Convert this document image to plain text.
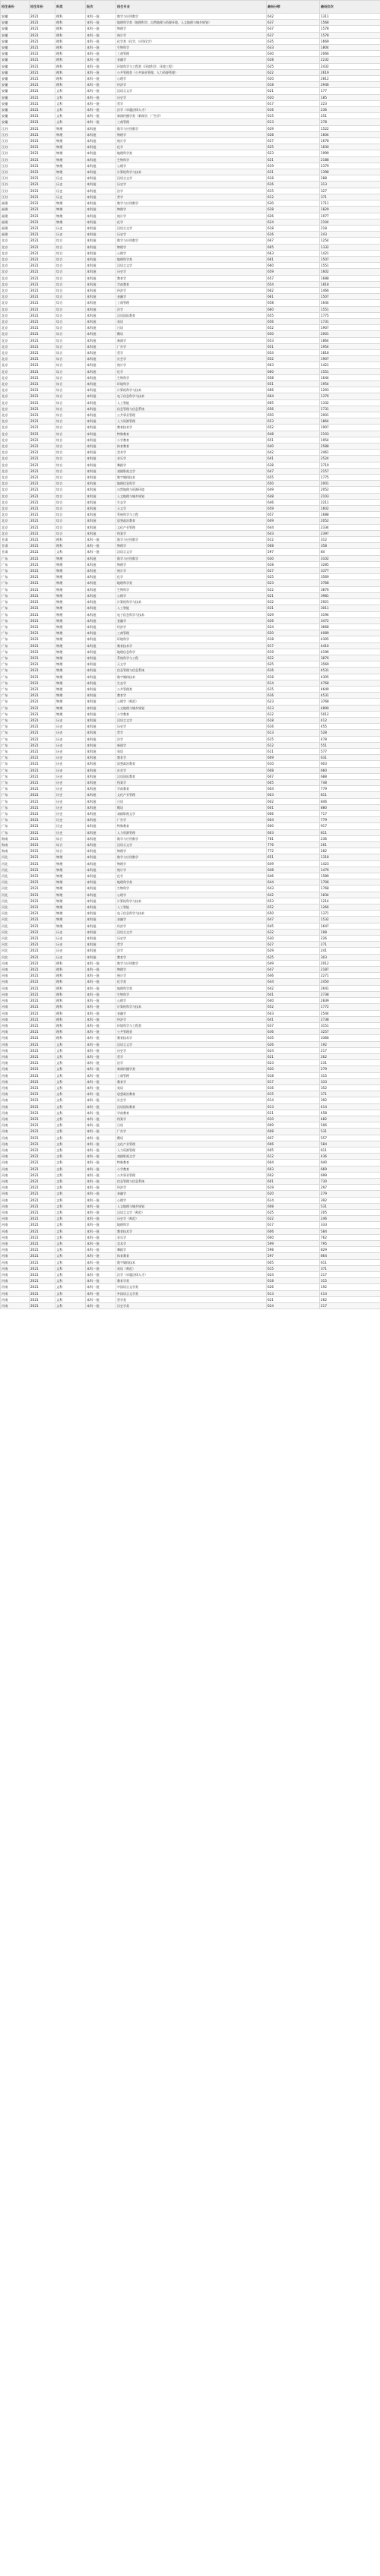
招生省份	招生年份	科类	批次	招生专业	最低分数	最低位次
安徽	2021	理科	本科一批	数学与应用数学	642	1311
安徽	2021	理科	本科一批	地理科学类（地理科学、自然地理与资源环境、人文地理与城乡规划）	637	1568
安徽	2021	理科	本科一批	物理学	637	1578
安徽	2021	理科	本科一批	统计学	637	1578
安徽	2021	理科	本科一批	化学类（化学、应用化学）	635	1669
安徽	2021	理科	本科一批	生物科学	633	1804
安徽	2021	理科	本科一批	工商管理	630	2066
安徽	2021	理科	本科一批	金融学	628	2232
安徽	2021	理科	本科一批	环境科学与工程类（环境科学、环境工程）	625	2432
安徽	2021	理科	本科一批	公共管理类（公共事业管理、人力资源管理）	622	2619
安徽	2021	理科	本科一批	心理学	620	2812
安徽	2021	理科	本科一批	经济学	618	2946
安徽	2021	文科	本科一批	汉语言文学	621	177
安徽	2021	文科	本科一批	历史学	620	185
安徽	2021	文科	本科一批	哲学	617	223
安徽	2021	文科	本科一批	法学（卓越法律人才）	616	236
安徽	2021	文科	本科一批	新闻传播学类（新闻学、广告学）	615	251
安徽	2021	文科	本科一批	工商管理	613	278
江苏	2021	物理	本科批	数学与应用数学	629	1522
江苏	2021	物理	本科批	物理学	628	1604
江苏	2021	物理	本科批	统计学	627	1678
江苏	2021	物理	本科批	化学	625	1830
江苏	2021	物理	本科批	地理科学类	623	1999
江苏	2021	物理	本科批	生物科学	621	2188
江苏	2021	物理	本科批	心理学	619	2379
江苏	2021	物理	本科批	计算机科学与技术	631	1398
江苏	2021	历史	本科批	汉语言文学	618	288
江苏	2021	历史	本科批	历史学	616	313
江苏	2021	历史	本科批	法学	615	327
江苏	2021	历史	本科批	哲学	612	371
福建	2021	物理	本科批	数学与应用数学	630	1711
福建	2021	物理	本科批	物理学	628	1829
福建	2021	物理	本科批	统计学	626	1977
福建	2021	物理	本科批	化学	624	2104
福建	2021	历史	本科批	汉语言文学	618	218
福建	2021	历史	本科批	历史学	616	243
北京	2021	综合	本科批	数学与应用数学	667	1254
北京	2021	综合	本科批	物理学	665	1332
北京	2021	综合	本科批	心理学	663	1421
北京	2021	综合	本科批	地理科学类	661	1507
北京	2021	综合	本科批	汉语言文学	660	1551
北京	2021	综合	本科批	历史学	659	1602
北京	2021	综合	本科批	教育学	657	1688
北京	2021	综合	本科批	学前教育	654	1818
北京	2021	综合	本科批	经济学	662	1466
北京	2021	综合	本科批	金融学	661	1507
北京	2021	综合	本科批	工商管理	658	1644
北京	2021	综合	本科批	法学	660	1551
北京	2021	综合	本科批	汉语国际教育	655	1775
北京	2021	综合	本科批	英语	656	1731
北京	2021	综合	本科批	日语	652	1907
北京	2021	综合	本科批	俄语	650	2001
北京	2021	综合	本科批	新闻学	653	1864
北京	2021	综合	本科批	广告学	651	1954
北京	2021	综合	本科批	哲学	654	1818
北京	2021	综合	本科批	社会学	652	1907
北京	2021	综合	本科批	统计学	663	1421
北京	2021	综合	本科批	化学	660	1551
北京	2021	综合	本科批	生物科学	658	1644
北京	2021	综合	本科批	环境科学	651	1954
北京	2021	综合	本科批	计算机科学与技术	666	1293
北京	2021	综合	本科批	电子信息科学与技术	664	1376
北京	2021	综合	本科批	人工智能	665	1332
北京	2021	综合	本科批	信息管理与信息系统	656	1731
北京	2021	综合	本科批	公共事业管理	650	2001
北京	2021	综合	本科批	人力资源管理	653	1864
北京	2021	综合	本科批	教育技术学	652	1907
北京	2021	综合	本科批	特殊教育	648	2103
北京	2021	综合	本科批	小学教育	651	1954
北京	2021	综合	本科批	体育教育	640	2588
北京	2021	综合	本科批	美术学	642	2461
北京	2021	综合	本科批	音乐学	641	2524
北京	2021	综合	本科批	舞蹈学	638	2719
北京	2021	综合	本科批	戏剧影视文学	647	2157
北京	2021	综合	本科批	数字媒体技术	655	1775
北京	2021	综合	本科批	地理信息科学	650	2001
北京	2021	综合	本科批	自然地理与资源环境	649	2052
北京	2021	综合	本科批	人文地理与城乡规划	648	2103
北京	2021	综合	本科批	生态学	646	2211
北京	2021	综合	本科批	天文学	659	1602
北京	2021	综合	本科批	系统科学与工程	657	1688
北京	2021	综合	本科批	思想政治教育	649	2052
北京	2021	综合	本科批	文化产业管理	644	2334
北京	2021	综合	本科批	档案学	643	2397
甘肃	2021	理科	本科一批	数学与应用数学	612	312
甘肃	2021	理科	本科一批	物理学	608	358
甘肃	2021	文科	本科一批	汉语言文学	597	84
广东	2021	物理	本科批	数学与应用数学	630	3102
广东	2021	物理	本科批	物理学	628	3285
广东	2021	物理	本科批	统计学	627	3377
广东	2021	物理	本科批	化学	625	3569
广东	2021	物理	本科批	地理科学类	623	3768
广东	2021	物理	本科批	生物科学	622	3876
广东	2021	物理	本科批	心理学	621	3981
广东	2021	物理	本科批	计算机科学与技术	632	2921
广东	2021	物理	本科批	人工智能	631	3011
广东	2021	物理	本科批	电子信息科学与技术	629	3194
广东	2021	物理	本科批	金融学	626	3472
广东	2021	物理	本科批	经济学	624	3668
广东	2021	物理	本科批	工商管理	620	4089
广东	2021	物理	本科批	环境科学	618	4305
广东	2021	物理	本科批	教育技术学	617	4416
广东	2021	物理	本科批	地理信息科学	619	4196
广东	2021	物理	本科批	系统科学与工程	622	3876
广东	2021	物理	本科批	天文学	625	3569
广东	2021	物理	本科批	信息管理与信息系统	616	4531
广东	2021	物理	本科批	数字媒体技术	618	4305
广东	2021	物理	本科批	生态学	614	4768
广东	2021	物理	本科批	公共管理类	615	4649
广东	2021	物理	本科批	教育学	616	4531
广东	2021	物理	本科批	心理学（师范）	623	3768
广东	2021	物理	本科批	人文地理与城乡规划	613	4890
广东	2021	物理	本科批	小学教育	612	5012
广东	2021	历史	本科批	汉语言文学	618	412
广东	2021	历史	本科批	历史学	616	455
广东	2021	历史	本科批	哲学	613	528
广东	2021	历史	本科批	法学	615	478
广东	2021	历史	本科批	新闻学	612	551
广东	2021	历史	本科批	英语	611	577
广东	2021	历史	本科批	教育学	609	631
广东	2021	历史	本科批	思想政治教育	610	603
广东	2021	历史	本科批	社会学	608	660
广东	2021	历史	本科批	汉语国际教育	607	688
广东	2021	历史	本科批	档案学	605	748
广东	2021	历史	本科批	学前教育	604	779
广东	2021	历史	本科批	文化产业管理	603	811
广东	2021	历史	本科批	日语	602	846
广东	2021	历史	本科批	俄语	601	880
广东	2021	历史	本科批	戏剧影视文学	606	717
广东	2021	历史	本科批	广告学	604	779
广东	2021	历史	本科批	特殊教育	600	917
广东	2021	历史	本科批	人力资源管理	603	811
海南	2021	综合	本科批	数学与应用数学	781	236
海南	2021	综合	本科批	汉语言文学	776	261
海南	2021	综合	本科批	物理学	772	282
河北	2021	物理	本科批	数学与应用数学	651	1318
河北	2021	物理	本科批	物理学	649	1423
河北	2021	物理	本科批	统计学	648	1476
河北	2021	物理	本科批	化学	646	1589
河北	2021	物理	本科批	地理科学类	644	1706
河北	2021	物理	本科批	生物科学	643	1768
河北	2021	物理	本科批	心理学	642	1834
河北	2021	物理	本科批	计算机科学与技术	653	1214
河北	2021	物理	本科批	人工智能	652	1266
河北	2021	物理	本科批	电子信息科学与技术	650	1371
河北	2021	物理	本科批	金融学	647	1532
河北	2021	物理	本科批	经济学	645	1647
河北	2021	历史	本科批	汉语言文学	632	198
河北	2021	历史	本科批	历史学	630	226
河北	2021	历史	本科批	哲学	627	271
河北	2021	历史	本科批	法学	629	241
河北	2021	历史	本科批	教育学	625	303
河南	2021	理科	本科一批	数学与应用数学	649	2012
河南	2021	理科	本科一批	物理学	647	2187
河南	2021	理科	本科一批	统计学	646	2271
河南	2021	理科	本科一批	化学类	644	2450
河南	2021	理科	本科一批	地理科学类	642	2641
河南	2021	理科	本科一批	生物科学	641	2738
河南	2021	理科	本科一批	心理学	640	2839
河南	2021	理科	本科一批	计算机科学与技术	652	1772
河南	2021	理科	本科一批	金融学	643	2544
河南	2021	理科	本科一批	经济学	641	2738
河南	2021	理科	本科一批	环境科学与工程类	637	3151
河南	2021	理科	本科一批	公共管理类	636	3257
河南	2021	理科	本科一批	教育技术学	635	3366
河南	2021	文科	本科一批	汉语言文学	626	192
河南	2021	文科	本科一批	历史学	624	217
河南	2021	文科	本科一批	哲学	621	262
河南	2021	文科	本科一批	法学	623	231
河南	2021	文科	本科一批	新闻传播学类	620	279
河南	2021	文科	本科一批	工商管理	618	315
河南	2021	文科	本科一批	教育学	617	333
河南	2021	文科	本科一批	英语	616	352
河南	2021	文科	本科一批	思想政治教育	615	371
河南	2021	文科	本科一批	社会学	614	392
河南	2021	文科	本科一批	汉语国际教育	613	414
河南	2021	文科	本科一批	学前教育	611	458
河南	2021	文科	本科一批	档案学	610	482
河南	2021	文科	本科一批	日语	609	506
河南	2021	文科	本科一批	广告学	608	531
河南	2021	文科	本科一批	俄语	607	557
河南	2021	文科	本科一批	文化产业管理	606	584
河南	2021	文科	本科一批	人力资源管理	605	611
河南	2021	文科	本科一批	戏剧影视文学	612	436
河南	2021	文科	本科一批	特殊教育	604	640
河南	2021	文科	本科一批	小学教育	603	669
河南	2021	文科	本科一批	公共事业管理	602	699
河南	2021	文科	本科一批	信息管理与信息系统	601	730
河南	2021	文科	本科一批	经济学	619	297
河南	2021	文科	本科一批	金融学	620	279
河南	2021	文科	本科一批	心理学	614	392
河南	2021	文科	本科一批	人文地理与城乡规划	608	531
河南	2021	文科	本科一批	汉语言文学（师范）	625	205
河南	2021	文科	本科一批	历史学（师范）	622	246
河南	2021	文科	本科一批	地理科学	617	333
河南	2021	文科	本科一批	教育技术学	606	584
河南	2021	文科	本科一批	音乐学	600	762
河南	2021	文科	本科一批	美术学	599	795
河南	2021	文科	本科一批	舞蹈学	598	829
河南	2021	文科	本科一批	体育教育	597	864
河南	2021	文科	本科一批	数字媒体技术	605	611
河南	2021	文科	本科一批	英语（师范）	615	371
河南	2021	文科	本科一批	法学（卓越法律人才）	624	217
河南	2021	文科	本科一批	教育学类	618	315
河南	2021	文科	本科一批	中国语言文学类	626	192
河南	2021	文科	本科一批	外国语言文学类	613	414
河南	2021	文科	本科一批	哲学类	621	262
河南	2021	文科	本科一批	历史学类	624	217
